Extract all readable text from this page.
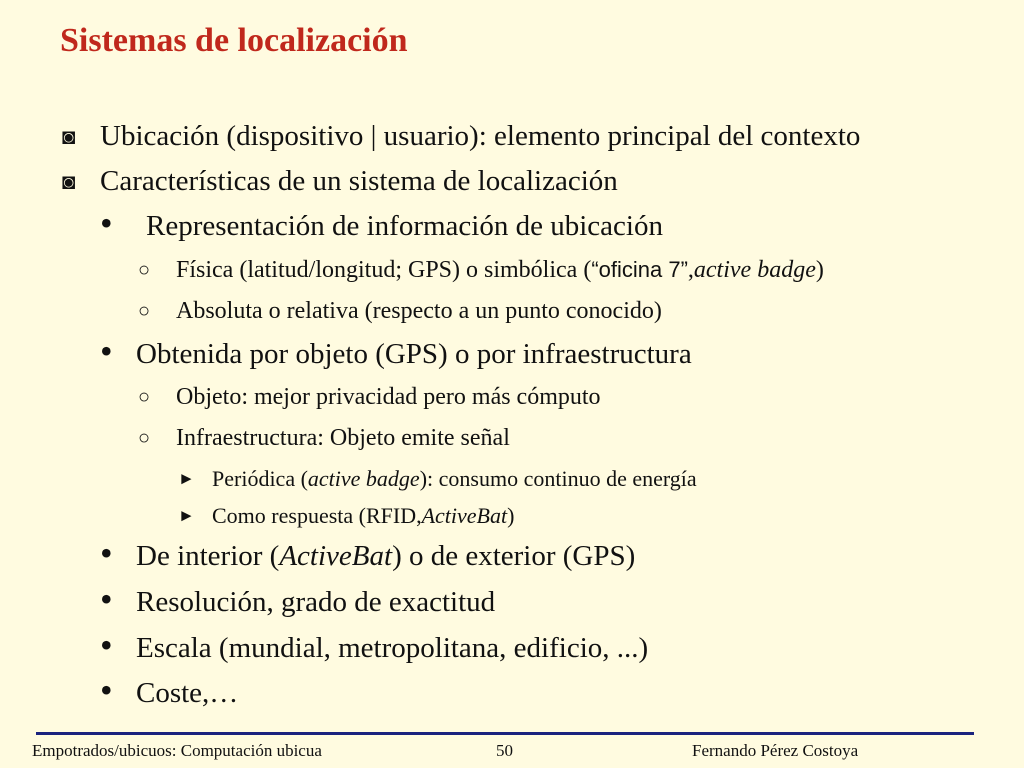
Sistemas de localización
◙ Ubicación (dispositivo | usuario): elemento principal del contexto
◙ Características de un sistema de localización
• Representación de información de ubicación
○ Física (latitud/longitud; GPS) o simbólica ( “oficina 7” , active badge )
○ Absoluta o relativa (respecto a un punto conocido)
• Obtenida por objeto (GPS) o por infraestructura
○ Objeto: mejor privacidad pero más cómputo
○ Infraestructura: Objeto emite señal
► Periódica ( active badge ): consumo continuo de energía
► Como respuesta (RFID, ActiveBat )
• De interior ( ActiveBat ) o de exterior (GPS)
• Resolución, grado de exactitud
• Escala (mundial, metropolitana, edificio, ...)
• Coste,…
Empotrados/ubicuos: Computación ubicua	50	Fernando Pérez Costoya
